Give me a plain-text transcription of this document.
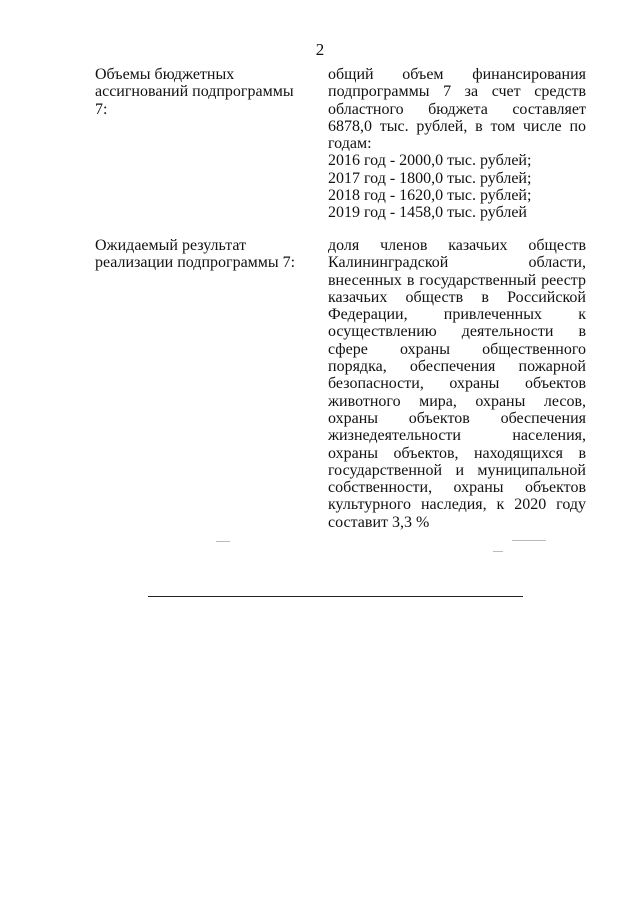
2
Объемы бюджетных ассигнований подпрограммы 7:

общий объем финансирования подпрограммы 7 за счет средств областного бюджета составляет 6878,0 тыс. рублей, в том числе по годам:

2016 год - 2000,0 тыс. рублей;

2017 год - 1800,0 тыс. рублей;

2018 год - 1620,0 тыс. рублей;

2019 год - 1458,0 тыс. рублей

Ожидаемый результат реализации подпрограммы 7:

доля членов казачьих обществ Калининградской области, внесенных в государственный реестр казачьих обществ в Российской Федерации, привлеченных к осуществлению деятельности в сфере охраны общественного порядка, обеспечения пожарной безопасности, охраны объектов животного мира, охраны лесов, охраны объектов обеспечения жизнедеятельности населения, охраны объектов, находящихся в государственной и муниципальной собственности, охраны объектов культурного наследия, к 2020 году составит 3,3 %
